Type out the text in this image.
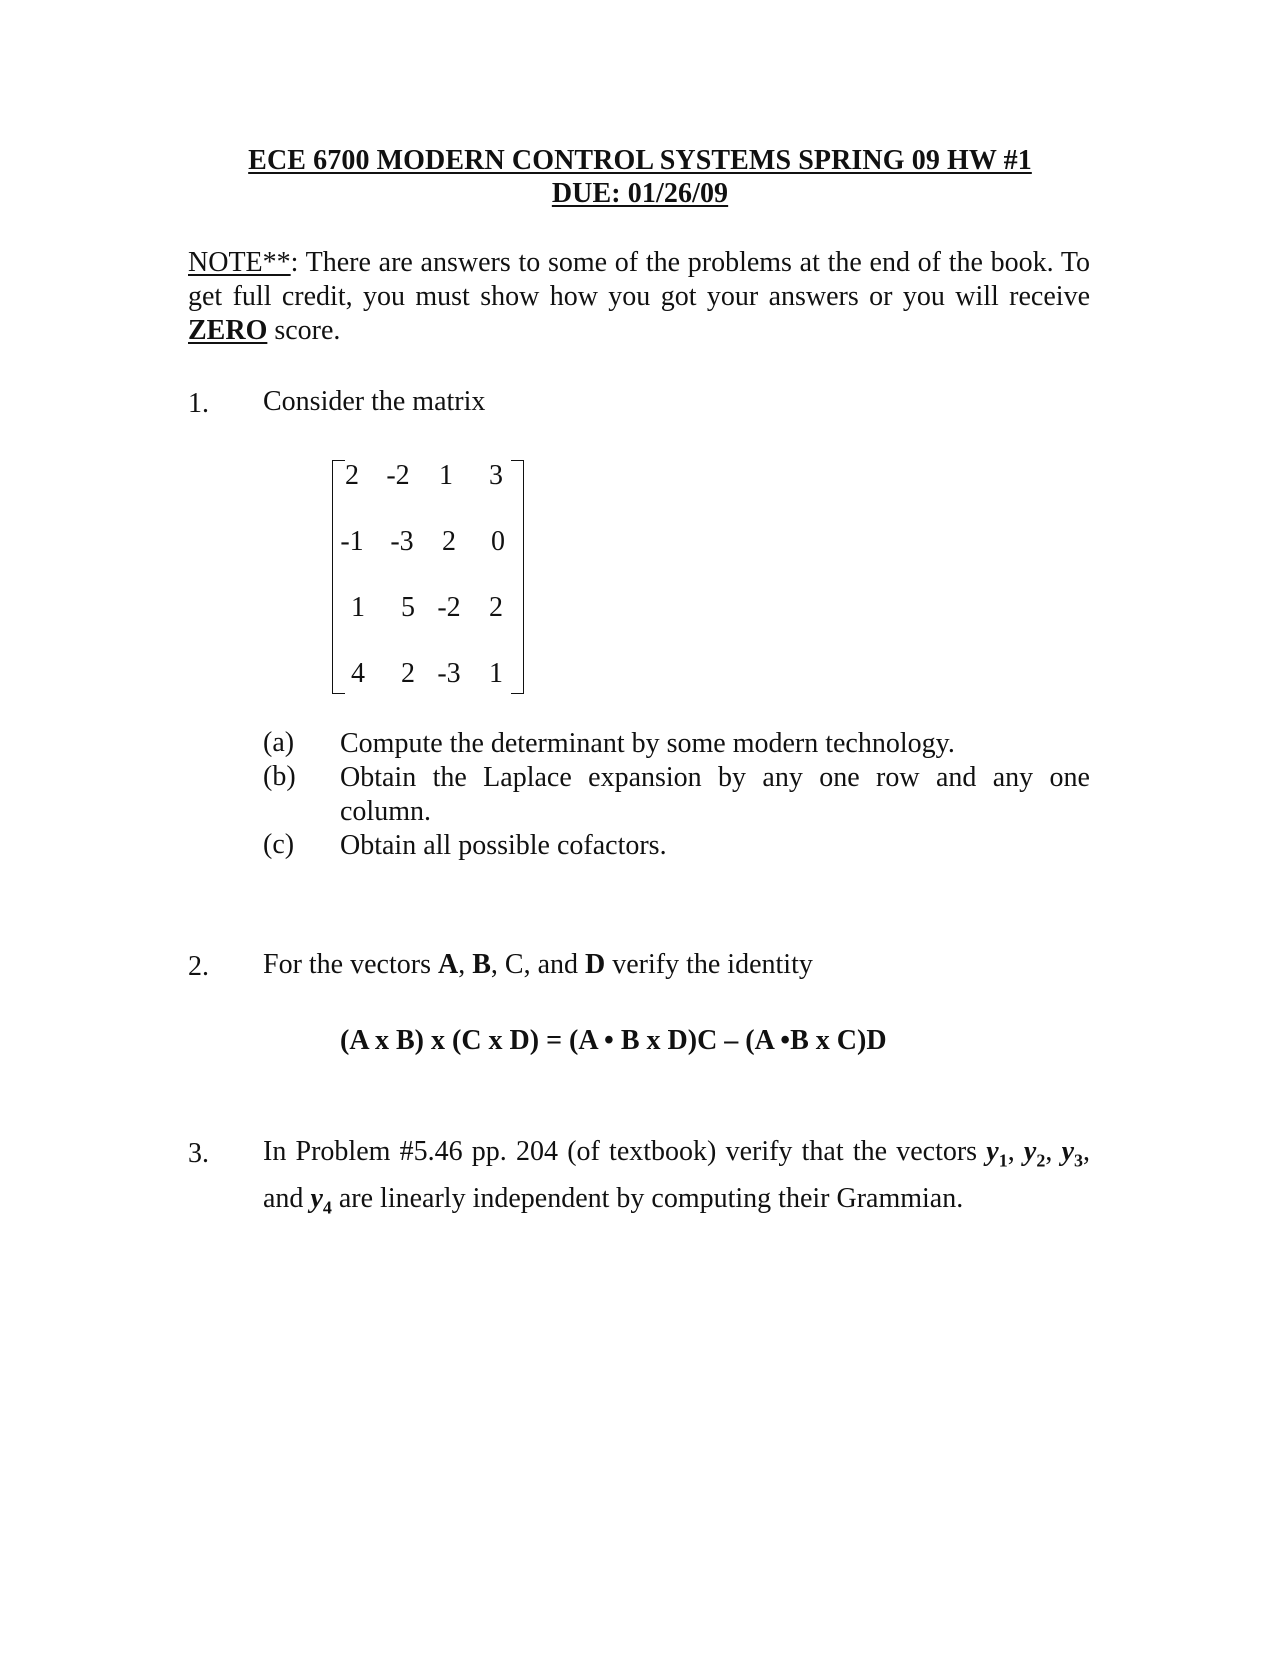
ECE 6700 MODERN CONTROL SYSTEMS SPRING 09 HW #1
DUE: 01/26/09
NOTE**: There are answers to some of the problems at the end of the book. To get full credit, you must show how you got your answers or you will receive ZERO score.
1. Consider the matrix
2 -2	1	3
-1 -3	2	0
1	5 -2	2
4	2 -3	1
(a) Compute the determinant by some modern technology.
(b) Obtain the Laplace expansion by any one row and any one column.
(c) Obtain all possible cofactors.
2. For the vectors A, B, C, and D verify the identity
(A x B) x (C x D) = (A • B x D)C – (A •B x C)D
3. In Problem #5.46 pp. 204 (of textbook) verify that the vectors $y_1$, $y_2$, $y_3$, and $y_4$ are linearly independent by computing their Grammian.
